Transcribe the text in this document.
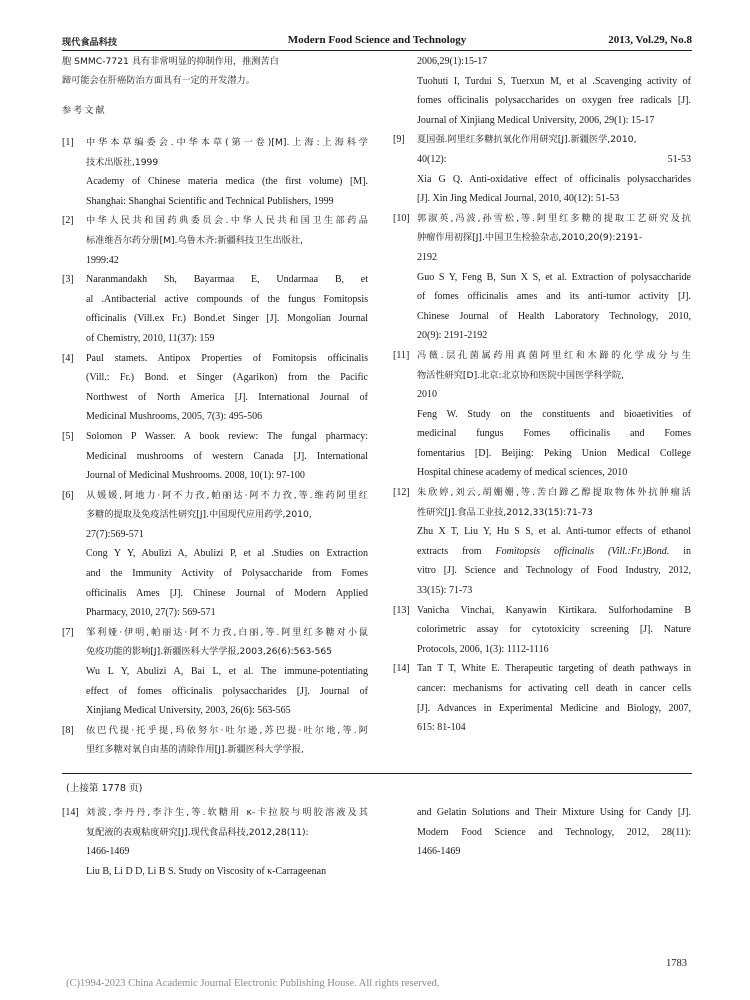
现代食品科技	Modern Food Science and Technology	2013, Vol.29, No.8
胞 SMMC-7721 具有非常明显的抑制作用，推测苦白
蹄可能会在肝癌防治方面具有一定的开发潜力。
参考文献
[1] 中华本草编委会.中华本草(第一卷)[M].上海:上海科学
技术出版社,1999
Academy of Chinese materia medica (the first volume) [M].
Shanghai: Shanghai Scientific and Technical Publishers, 1999
[2] 中华人民共和国药典委员会.中华人民共和国卫生部药品
标准维吾尔药分册[M].乌鲁木齐:新疆科技卫生出版社,
1999:42
[3] Naranmandakh Sh, Bayarmaa E, Undarmaa B, et
al .Antibacterial active compounds of the fungus Fomitopsis
officinalis (Vill.ex Fr.) Bond.et Singer [J]. Mongolian Journal
of Chemistry, 2010, 11(37): 159
[4] Paul stamets. Antipox Properties of Fomitopsis officinalis
(Vill.: Fr.) Bond. et Singer (Agarikon) from the Pacific
Northwest of North America [J]. International Journal of
Medicinal Mushrooms, 2005, 7(3): 495-506
[5] Solomon P Wasser. A book review: The fungal pharmacy:
Medicinal mushrooms of western Canada [J]. International
Journal of Medicinal Mushrooms. 2008, 10(1): 97-100
[6] 从媛媛,阿地力·阿不力孜,帕丽达·阿不力孜,等.维药阿里红
多糖的提取及免疫活性研究[J].中国现代应用药学,2010,
27(7):569-571
Cong Y Y, Abulizi A, Abulizi P, et al .Studies on Extraction
and the Immunity Activity of Polysaccharide from Fomes
officinalis Ames [J]. Chinese Journal of Modern Applied
Pharmacy, 2010, 27(7): 569-571
[7] 邹利娅·伊明,帕丽达·阿不力孜,白丽,等.阿里红多糖对小鼠
免疫功能的影响[J].新疆医科大学学报,2003,26(6):563-565
Wu L Y, Abulizi A, Bai L, et al. The immune-potentiating
effect of fomes officinalis polysaccharides [J]. Journal of
Xinjiang Medical University, 2003, 26(6): 563-565
[8] 依巴代提·托乎提,玛依努尔·吐尔逊,苏巴提·吐尔地,等.阿
里红多糖对氧自由基的清除作用[J].新疆医科大学学报,
2006,29(1):15-17
Tuohuti I, Turdui S, Tuerxun M, et al .Scavenging activity of
fomes officinalis polysaccharides on oxygen free radicals [J].
Journal of Xinjiang Medical University, 2006, 29(1): 15-17
[9] 夏国强.阿里红多糖抗氧化作用研究[J].新疆医学,2010,
40(12): 51-53
Xia G Q. Anti-oxidative effect of officinalis polysaccharides
[J]. Xin Jing Medical Journal, 2010, 40(12): 51-53
[10] 郭淑英,冯波,孙雪松,等.阿里红多糖的提取工艺研究及抗
肿瘤作用初探[J].中国卫生检验杂志,2010,20(9):2191-
2192
Guo S Y, Feng B, Sun X S, et al. Extraction of polysaccharide
of fomes officinalis ames and its anti-tumor activity [J].
Chinese Journal of Health Laboratory Technology, 2010,
20(9): 2191-2192
[11] 冯薇.层孔菌属药用真菌阿里红和木蹄的化学成分与生
物活性研究[D].北京:北京协和医院中国医学科学院,
2010
Feng W. Study on the constituents and bioaetivities of
medicinal fungus Fomes officinalis and Fomes
fomentarius [D]. Beijing: Peking Union Medical College
Hospital chinese academy of medical sciences, 2010
[12] 朱欣婷,刘云,胡姗姗,等.苦白蹄乙醇提取物体外抗肿瘤活
性研究[J].食品工业技,2012,33(15):71-73
Zhu X T, Liu Y, Hu S S, et al. Anti-tumor effects of ethanol
extracts from Fomitopsis officinalis (Vill.:Fr.)Bond. in
vitro [J]. Science and Technology of Food Industry, 2012,
33(15): 71-73
[13] Vanicha Vinchai, Kanyawin Kirtikara. Sulforhodamine B
colorimetric assay for cytotoxicity screening [J]. Nature
Protocols, 2006, 1(3): 1112-1116
[14] Tan T T, White E. Therapeutic targeting of death pathways in
cancer: mechanisms for activating cell death in cancer cells
[J]. Advances in Experimental Medicine and Biology, 2007,
615: 81-104
(上接第 1778 页)
[14] 刘波,李丹丹,李汴生,等.软糖用 κ-卡拉胶与明胶溶液及其
复配液的表观粘度研究[J].现代食品科技,2012,28(11):
1466-1469
Liu B, Li D D, Li B S. Study on Viscosity of κ-Carrageenan
and Gelatin Solutions and Their Mixture Using for Candy [J].
Modern Food Science and Technology, 2012, 28(11):
1466-1469
1783
(C)1994-2023 China Academic Journal Electronic Publishing House. All rights reserved.
